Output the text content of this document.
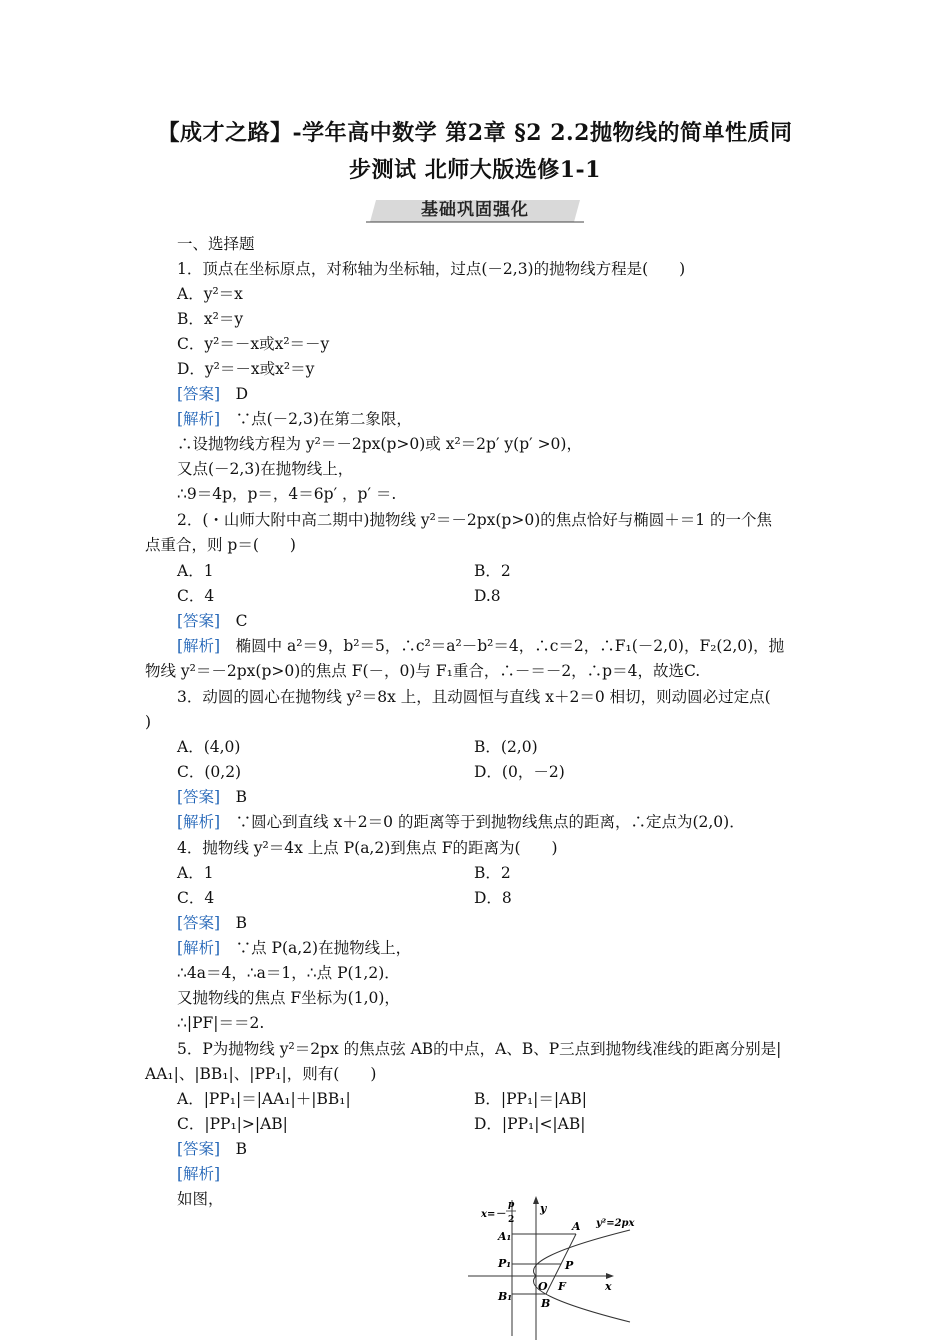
【成才之路】-学年高中数学 第2章 §2 2.2抛物线的简单性质同
步测试 北师大版选修1-1
基础巩固强化
一、选择题
1．顶点在坐标原点，对称轴为坐标轴，过点(－2,3)的抛物线方程是(　　)
A．y²＝x
B．x²＝y
C．y²＝－x或x²＝－y
D．y²＝－x或x²＝y
[答案]　 D
[解析]　 ∵点(－2,3)在第二象限，
∴设抛物线方程为 y²＝－2px(p>0)或 x²＝2p′ y(p′ >0)，
又点(－2,3)在抛物线上，
∴9＝4p，p＝，4＝6p′ ，p′ ＝.
2．(・山师大附中高二期中)抛物线 y²＝－2px(p>0)的焦点恰好与椭圆＋＝1 的一个焦
点重合，则 p＝(　　)
A．1	B．2
C．4	D.8
[答案]　 C
[解析]　 椭圆中 a²＝9，b²＝5，∴c²＝a²－b²＝4，∴c＝2，∴F₁(－2,0)，F₂(2,0)，抛
物线 y²＝－2px(p>0)的焦点 F(－，0)与 F₁重合，∴－＝－2，∴p＝4，故选C.
3．动圆的圆心在抛物线 y²＝8x 上，且动圆恒与直线 x＋2＝0 相切，则动圆必过定点(
)
A．(4,0)	B．(2,0)
C．(0,2)	D．(0，－2)
[答案]　 B
[解析]　 ∵圆心到直线 x＋2＝0 的距离等于到抛物线焦点的距离，∴定点为(2,0)．
4．抛物线 y²＝4x 上点 P(a,2)到焦点 F的距离为(　　)
A．1	B．2
C．4	D．8
[答案]　 B
[解析]　 ∵点 P(a,2)在抛物线上，
∴4a＝4，∴a＝1，∴点 P(1,2)．
又抛物线的焦点 F坐标为(1,0)，
∴|PF|＝＝2.
5．P为抛物线 y²＝2px 的焦点弦 AB的中点，A、B、P三点到抛物线准线的距离分别是|
AA₁|、|BB₁|、|PP₁|，则有(　　)
A．|PP₁|＝|AA₁|＋|BB₁|	B．|PP₁|＝|AB|
C．|PP₁|>|AB|	D．|PP₁|<|AB|
[答案]　 B
[解析]
如图，
x=－
p
2
y
x
A y²=2px
A₁
P₁	P
O F
B₁
B
